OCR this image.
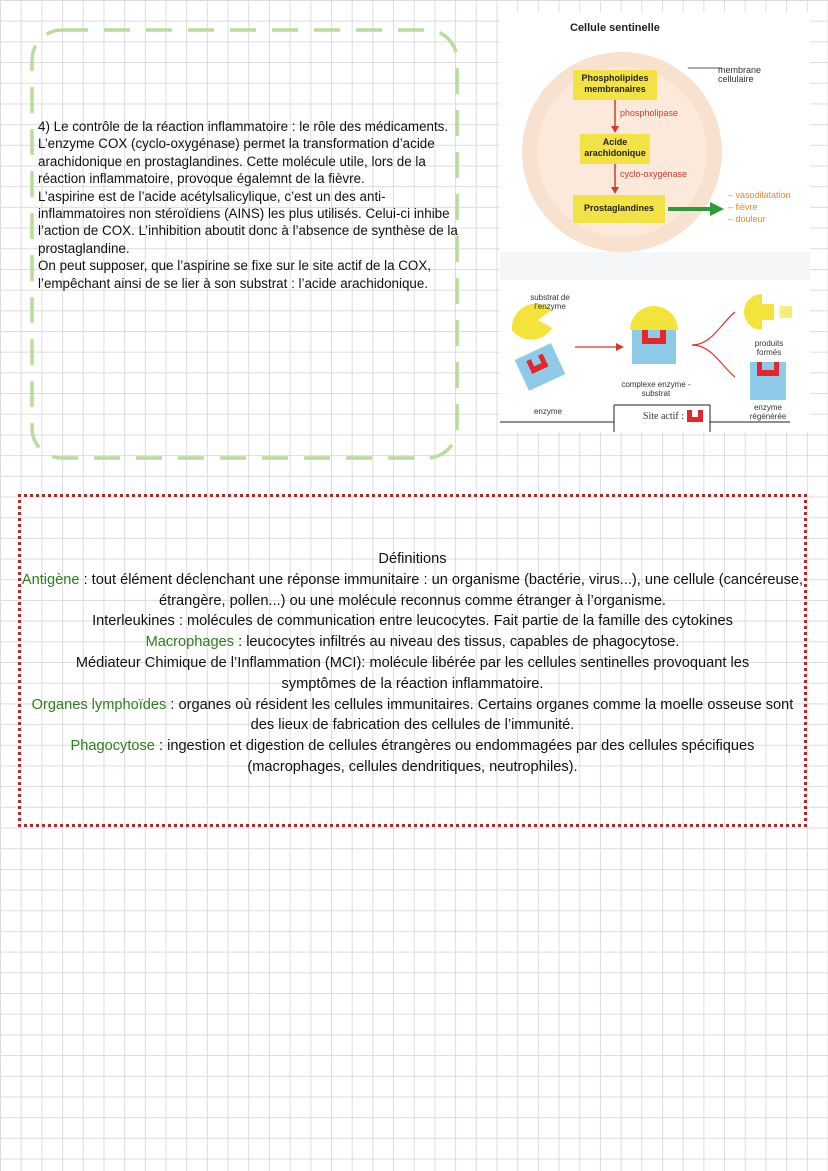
4) Le contrôle de la réaction inflammatoire : le rôle des médicaments.

L’enzyme COX (cyclo-oxygénase) permet la transformation d’acide arachidonique en prostaglandines. Cette molécule utile, lors de la réaction inflammatoire, provoque égalemnt de la fièvre.

L’aspirine est de l’acide acétylsalicylique, c’est un des anti-inflammatoires non stéroïdiens (AINS) les plus utilisés. Celui-ci inhibe l’action de COX. L’inhibition aboutit donc à l’absence de synthèse de la prostaglandine.

On peut supposer, que l’aspirine se fixe sur le site actif de la COX, l’empêchant ainsi de se lier à son substrat : l’acide arachidonique.

Cellule sentinelle
membrane cellulaire
Phospholipides membranaires
phospholipase
Acide arachidonique
cyclo-oxygénase
Prostaglandines
– vasodilatation
– fièvre
– douleur
substrat de l’enzyme
enzyme
complexe enzyme - substrat
produits formés
enzyme régénérée
Site actif :

Définitions

Antigène : tout élément déclenchant une réponse immunitaire : un organisme (bactérie, virus...), une cellule (cancéreuse, étrangère, pollen...) ou une molécule reconnus comme étranger à l’organisme.

Interleukines : molécules de communication entre leucocytes. Fait partie de la famille des cytokines

Macrophages : leucocytes infiltrés au niveau des tissus, capables de phagocytose.

Médiateur Chimique de l’Inflammation (MCI): molécule libérée par les cellules sentinelles provoquant les symptômes de la réaction inflammatoire.

Organes lymphoïdes : organes où résident les cellules immunitaires. Certains organes comme la moelle osseuse sont des lieux de fabrication des cellules de l’immunité.

Phagocytose : ingestion et digestion de cellules étrangères ou endommagées par des cellules spécifiques (macrophages, cellules dendritiques, neutrophiles).
